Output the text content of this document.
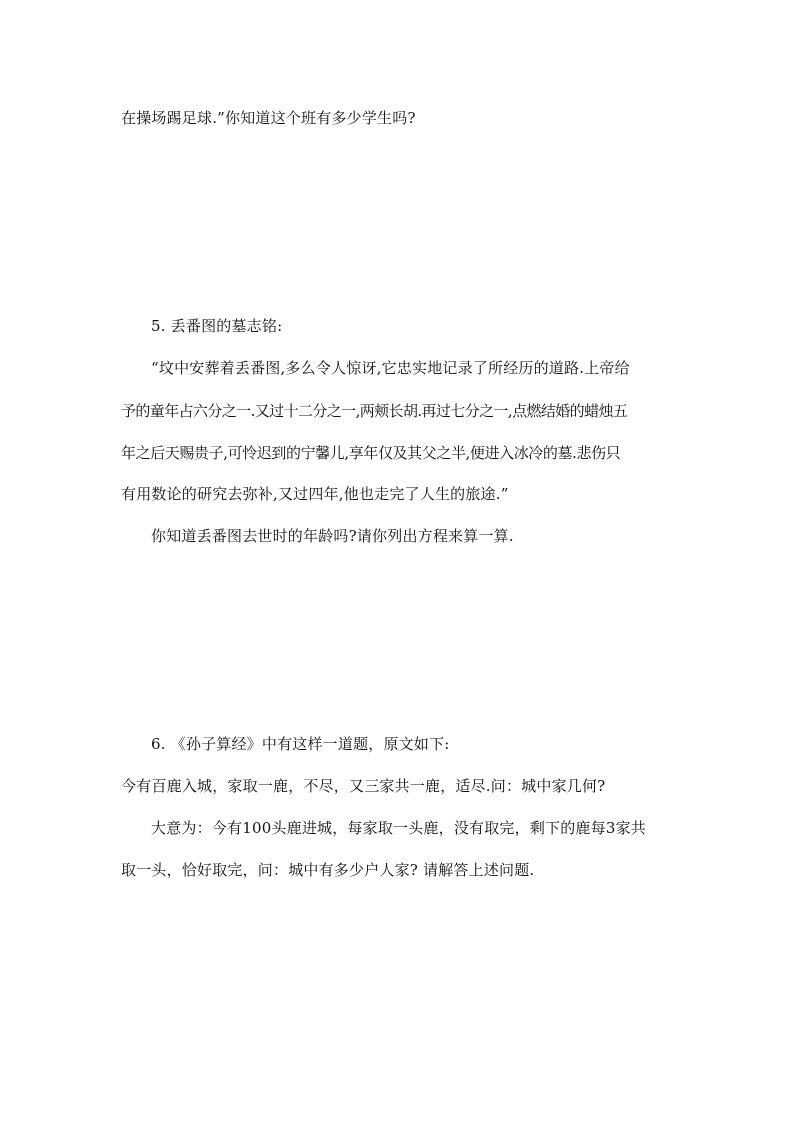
在操场踢足球.”你知道这个班有多少学生吗?
5. 丢番图的墓志铭:
“坟中安葬着丢番图,多么令人惊讶,它忠实地记录了所经历的道路.上帝给
予的童年占六分之一.又过十二分之一,两颊长胡.再过七分之一,点燃结婚的蜡烛五
年之后天赐贵子,可怜迟到的宁馨儿,享年仅及其父之半,便进入冰冷的墓.悲伤只
有用数论的研究去弥补,又过四年,他也走完了人生的旅途.”
你知道丢番图去世时的年龄吗?请你列出方程来算一算.
6. 《孙子算经》中有这样一道题，原文如下:
今有百鹿入城，家取一鹿，不尽，又三家共一鹿，适尽.问：城中家几何?
大意为：今有100头鹿进城，每家取一头鹿，没有取完，剩下的鹿每3家共
取一头，恰好取完，问：城中有多少户人家? 请解答上述问题.
